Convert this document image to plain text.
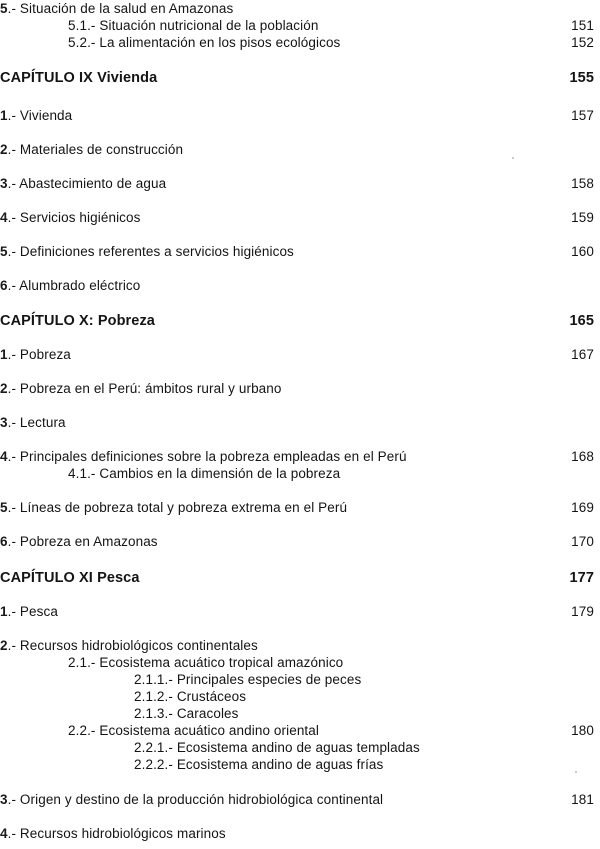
5.- Situación de la salud en Amazonas
5.1.- Situación nutricional de la población	151
5.2.- La alimentación en los pisos ecológicos	152
CAPÍTULO IX Vivienda	155
1.- Vivienda	157
2.- Materiales de construcción
3.- Abastecimiento de agua	158
4.- Servicios higiénicos	159
5.- Definiciones referentes a servicios higiénicos	160
6.- Alumbrado eléctrico
CAPÍTULO X: Pobreza	165
1.- Pobreza	167
2.- Pobreza en el Perú: ámbitos rural y urbano
3.- Lectura
4.- Principales definiciones sobre la pobreza empleadas en el Perú	168
4.1.- Cambios en la dimensión de la pobreza
5.- Líneas de pobreza total y pobreza extrema en el Perú	169
6.- Pobreza en Amazonas	170
CAPÍTULO XI Pesca	177
1.- Pesca	179
2.- Recursos hidrobiológicos continentales
2.1.- Ecosistema acuático tropical amazónico
2.1.1.- Principales especies de peces
2.1.2.- Crustáceos
2.1.3.- Caracoles
2.2.- Ecosistema acuático andino oriental	180
2.2.1.- Ecosistema andino de aguas templadas
2.2.2.- Ecosistema andino de aguas frías
3.- Origen y destino de la producción hidrobiológica continental	181
4.- Recursos hidrobiológicos marinos
